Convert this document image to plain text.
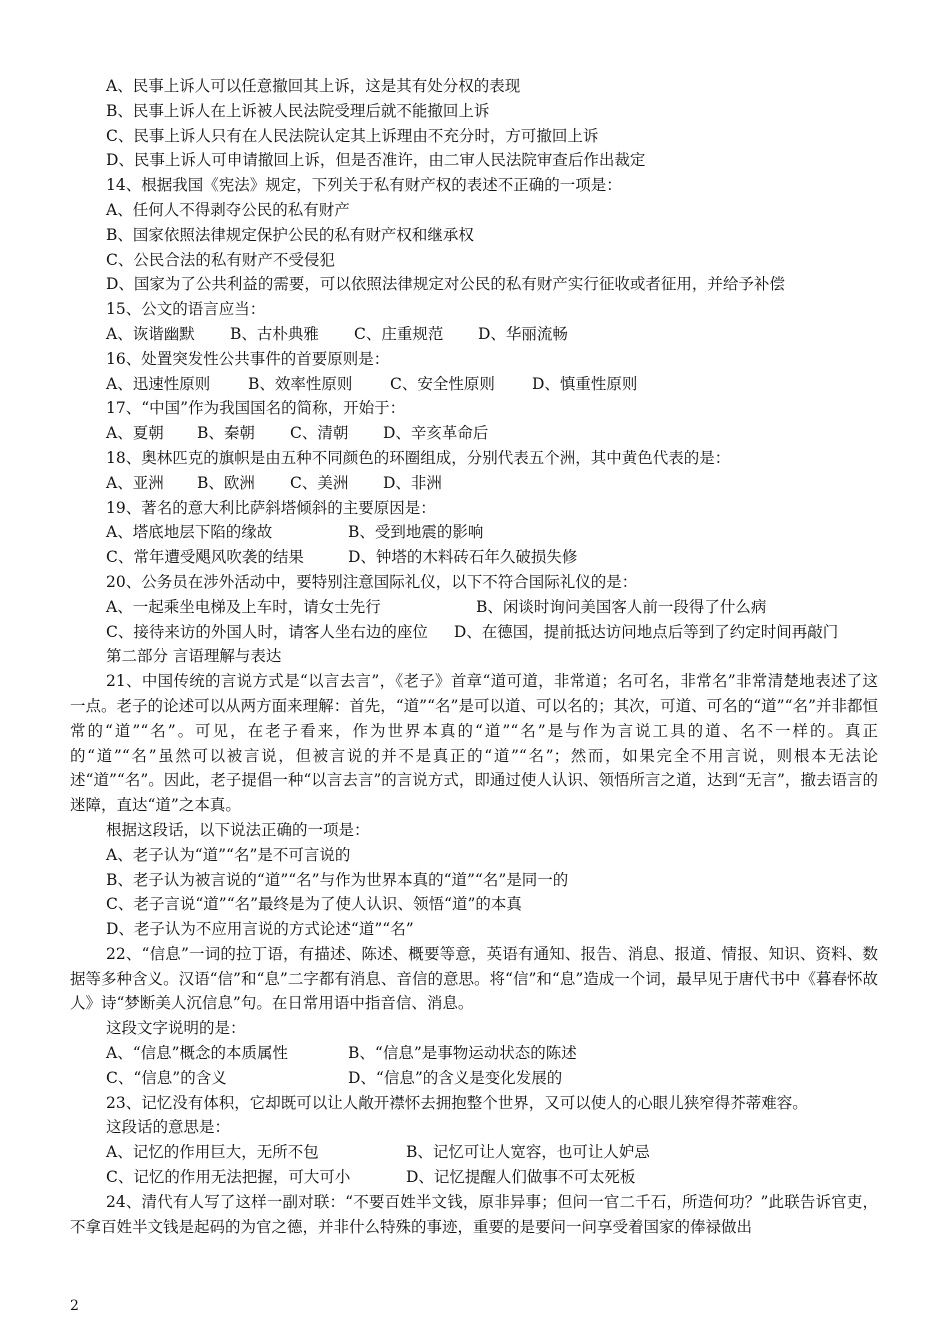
A、民事上诉人可以任意撤回其上诉，这是其有处分权的表现
B、民事上诉人在上诉被人民法院受理后就不能撤回上诉
C、民事上诉人只有在人民法院认定其上诉理由不充分时，方可撤回上诉
D、民事上诉人可申请撤回上诉，但是否准许，由二审人民法院审查后作出裁定
14、根据我国《宪法》规定，下列关于私有财产权的表述不正确的一项是：
A、任何人不得剥夺公民的私有财产
B、国家依照法律规定保护公民的私有财产权和继承权
C、公民合法的私有财产不受侵犯
D、国家为了公共利益的需要，可以依照法律规定对公民的私有财产实行征收或者征用，并给予补偿
15、公文的语言应当：
A、诙谐幽默	B、古朴典雅	C、庄重规范	D、华丽流畅
16、处置突发性公共事件的首要原则是：
A、迅速性原则	B、效率性原则	C、安全性原则	D、慎重性原则
17、“中国”作为我国国名的简称，开始于：
A、夏朝	B、秦朝	C、清朝	D、辛亥革命后
18、奥林匹克的旗帜是由五种不同颜色的环圈组成，分别代表五个洲，其中黄色代表的是：
A、亚洲	B、欧洲	C、美洲	D、非洲
19、著名的意大利比萨斜塔倾斜的主要原因是：
A、塔底地层下陷的缘故	B、受到地震的影响
C、常年遭受飓风吹袭的结果	D、钟塔的木料砖石年久破损失修
20、公务员在涉外活动中，要特别注意国际礼仪，以下不符合国际礼仪的是：
A、一起乘坐电梯及上车时，请女士先行	B、闲谈时询问美国客人前一段得了什么病
C、接待来访的外国人时，请客人坐右边的座位 D、在德国，提前抵达访问地点后等到了约定时间再敲门
第二部分 言语理解与表达
21、中国传统的言说方式是“以言去言”，《老子》首章“道可道，非常道；名可名，非常名”非常清楚地表述了这一点。老子的论述可以从两方面来理解：首先，“道”“名”是可以道、可以名的；其次，可道、可名的“道”“名”并非都恒常的“道”“名”。可见，在老子看来，作为世界本真的“道”“名”是与作为言说工具的道、名不一样的。真正的“道”“名”虽然可以被言说，但被言说的并不是真正的“道”“名”；然而，如果完全不用言说，则根本无法论述“道”“名”。因此，老子提倡一种“以言去言”的言说方式，即通过使人认识、领悟所言之道，达到“无言”，撤去语言的迷障，直达“道”之本真。
根据这段话，以下说法正确的一项是：
A、老子认为“道”“名”是不可言说的
B、老子认为被言说的“道”“名”与作为世界本真的“道”“名”是同一的
C、老子言说“道”“名”最终是为了使人认识、领悟“道”的本真
D、老子认为不应用言说的方式论述“道”“名”
22、“信息”一词的拉丁语，有描述、陈述、概要等意，英语有通知、报告、消息、报道、情报、知识、资料、数据等多种含义。汉语“信”和“息”二字都有消息、音信的意思。将“信”和“息”造成一个词，最早见于唐代书中《暮春怀故人》诗“梦断美人沉信息”句。在日常用语中指音信、消息。
这段文字说明的是：
A、“信息”概念的本质属性	B、“信息”是事物运动状态的陈述
C、“信息”的含义	D、“信息”的含义是变化发展的
23、记忆没有体积，它却既可以让人敞开襟怀去拥抱整个世界，又可以使人的心眼儿狭窄得芥蒂难容。
这段话的意思是：
A、记忆的作用巨大，无所不包	B、记忆可让人宽容，也可让人妒忌
C、记忆的作用无法把握，可大可小	D、记忆提醒人们做事不可太死板
24、清代有人写了这样一副对联：“不要百姓半文钱，原非异事；但问一官二千石，所造何功？”此联告诉官吏，不拿百姓半文钱是起码的为官之德，并非什么特殊的事迹，重要的是要问一问享受着国家的俸禄做出
2
